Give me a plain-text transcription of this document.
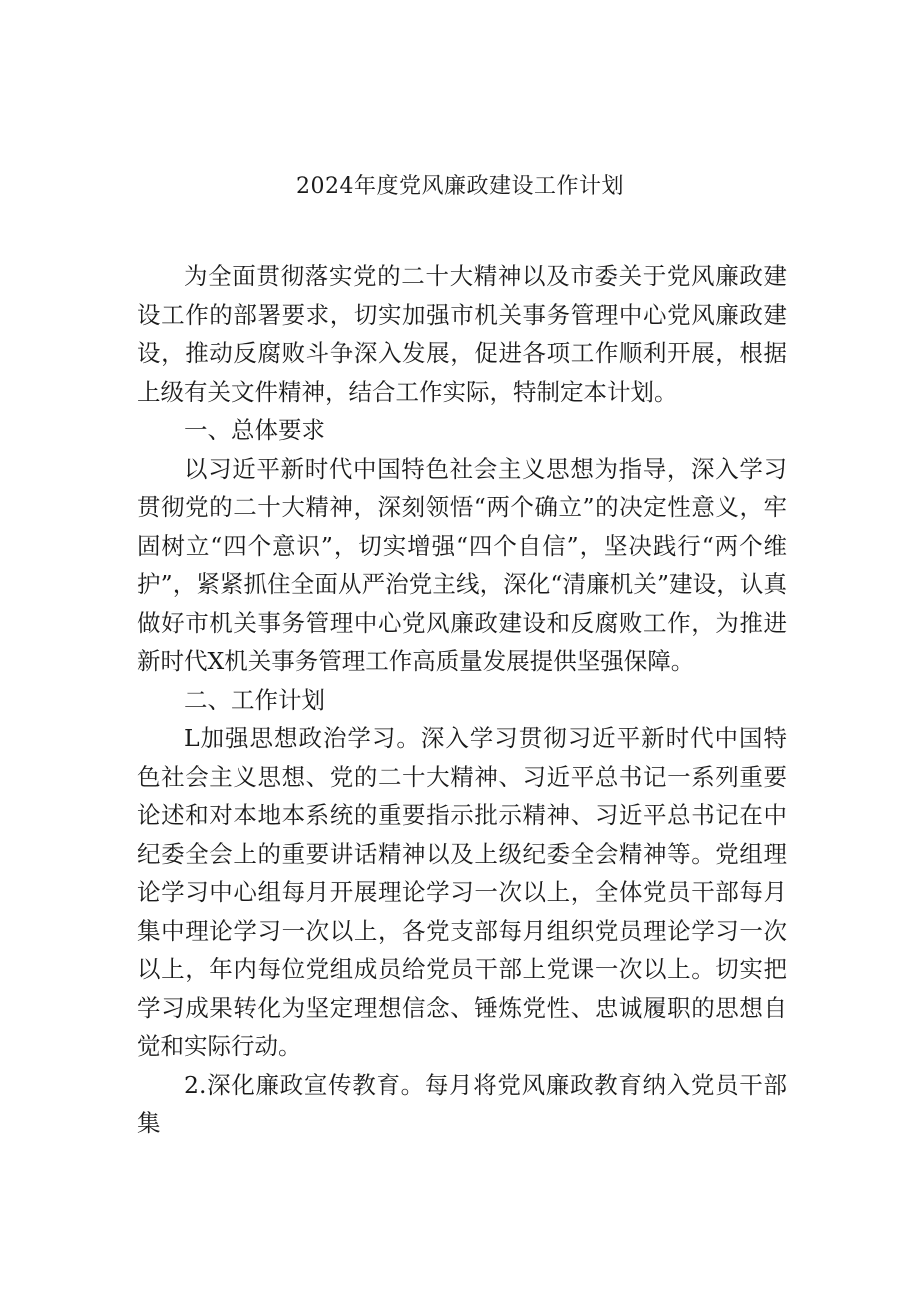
2024年度党风廉政建设工作计划

为全面贯彻落实党的二十大精神以及市委关于党风廉政建设工作的部署要求，切实加强市机关事务管理中心党风廉政建设，推动反腐败斗争深入发展，促进各项工作顺利开展，根据上级有关文件精神，结合工作实际，特制定本计划。

一、总体要求

以习近平新时代中国特色社会主义思想为指导，深入学习贯彻党的二十大精神，深刻领悟“两个确立”的决定性意义，牢固树立“四个意识”，切实增强“四个自信”，坚决践行“两个维护”，紧紧抓住全面从严治党主线，深化“清廉机关”建设，认真做好市机关事务管理中心党风廉政建设和反腐败工作，为推进新时代X机关事务管理工作高质量发展提供坚强保障。

二、工作计划

L加强思想政治学习。深入学习贯彻习近平新时代中国特色社会主义思想、党的二十大精神、习近平总书记一系列重要论述和对本地本系统的重要指示批示精神、习近平总书记在中纪委全会上的重要讲话精神以及上级纪委全会精神等。党组理论学习中心组每月开展理论学习一次以上，全体党员干部每月集中理论学习一次以上，各党支部每月组织党员理论学习一次以上，年内每位党组成员给党员干部上党课一次以上。切实把学习成果转化为坚定理想信念、锤炼党性、忠诚履职的思想自觉和实际行动。

2.深化廉政宣传教育。每月将党风廉政教育纳入党员干部集
